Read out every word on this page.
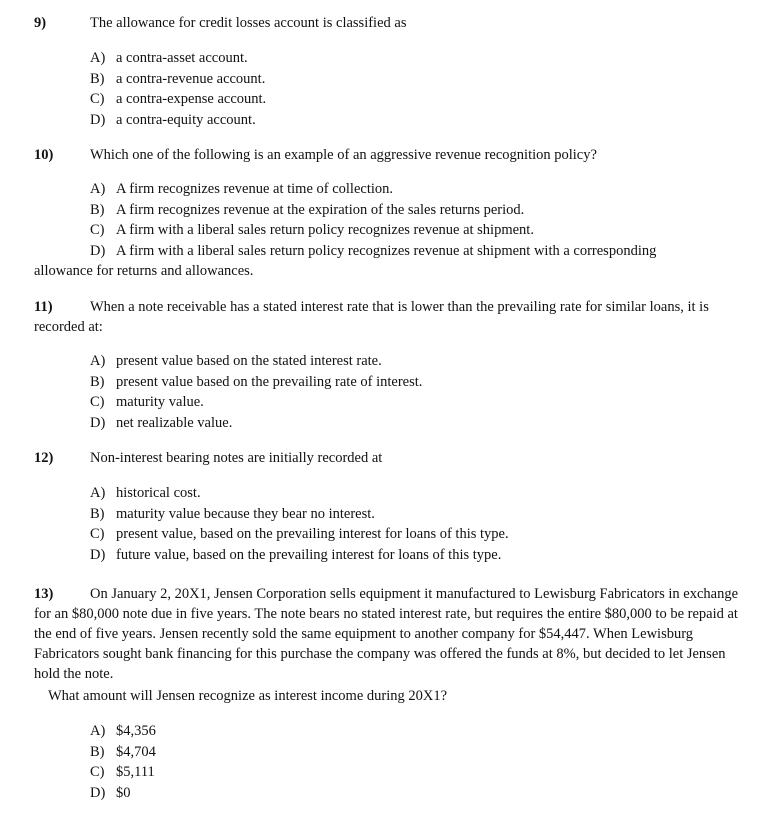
9)	The allowance for credit losses account is classified as
A) a contra-asset account.
B) a contra-revenue account.
C) a contra-expense account.
D) a contra-equity account.
10)	Which one of the following is an example of an aggressive revenue recognition policy?
A) A firm recognizes revenue at time of collection.
B) A firm recognizes revenue at the expiration of the sales returns period.
C) A firm with a liberal sales return policy recognizes revenue at shipment.
D) A firm with a liberal sales return policy recognizes revenue at shipment with a corresponding
allowance for returns and allowances.
11)	When a note receivable has a stated interest rate that is lower than the prevailing rate for similar loans, it is recorded at:
A) present value based on the stated interest rate.
B) present value based on the prevailing rate of interest.
C) maturity value.
D) net realizable value.
12)	Non-interest bearing notes are initially recorded at
A) historical cost.
B) maturity value because they bear no interest.
C) present value, based on the prevailing interest for loans of this type.
D) future value, based on the prevailing interest for loans of this type.
13)	On January 2, 20X1, Jensen Corporation sells equipment it manufactured to Lewisburg Fabricators in exchange for an $80,000 note due in five years. The note bears no stated interest rate, but requires the entire $80,000 to be repaid at the end of five years. Jensen recently sold the same equipment to another company for $54,447. When Lewisburg Fabricators sought bank financing for this purchase the company was offered the funds at 8%, but decided to let Jensen hold the note.
What amount will Jensen recognize as interest income during 20X1?
A) $4,356
B) $4,704
C) $5,111
D) $0
